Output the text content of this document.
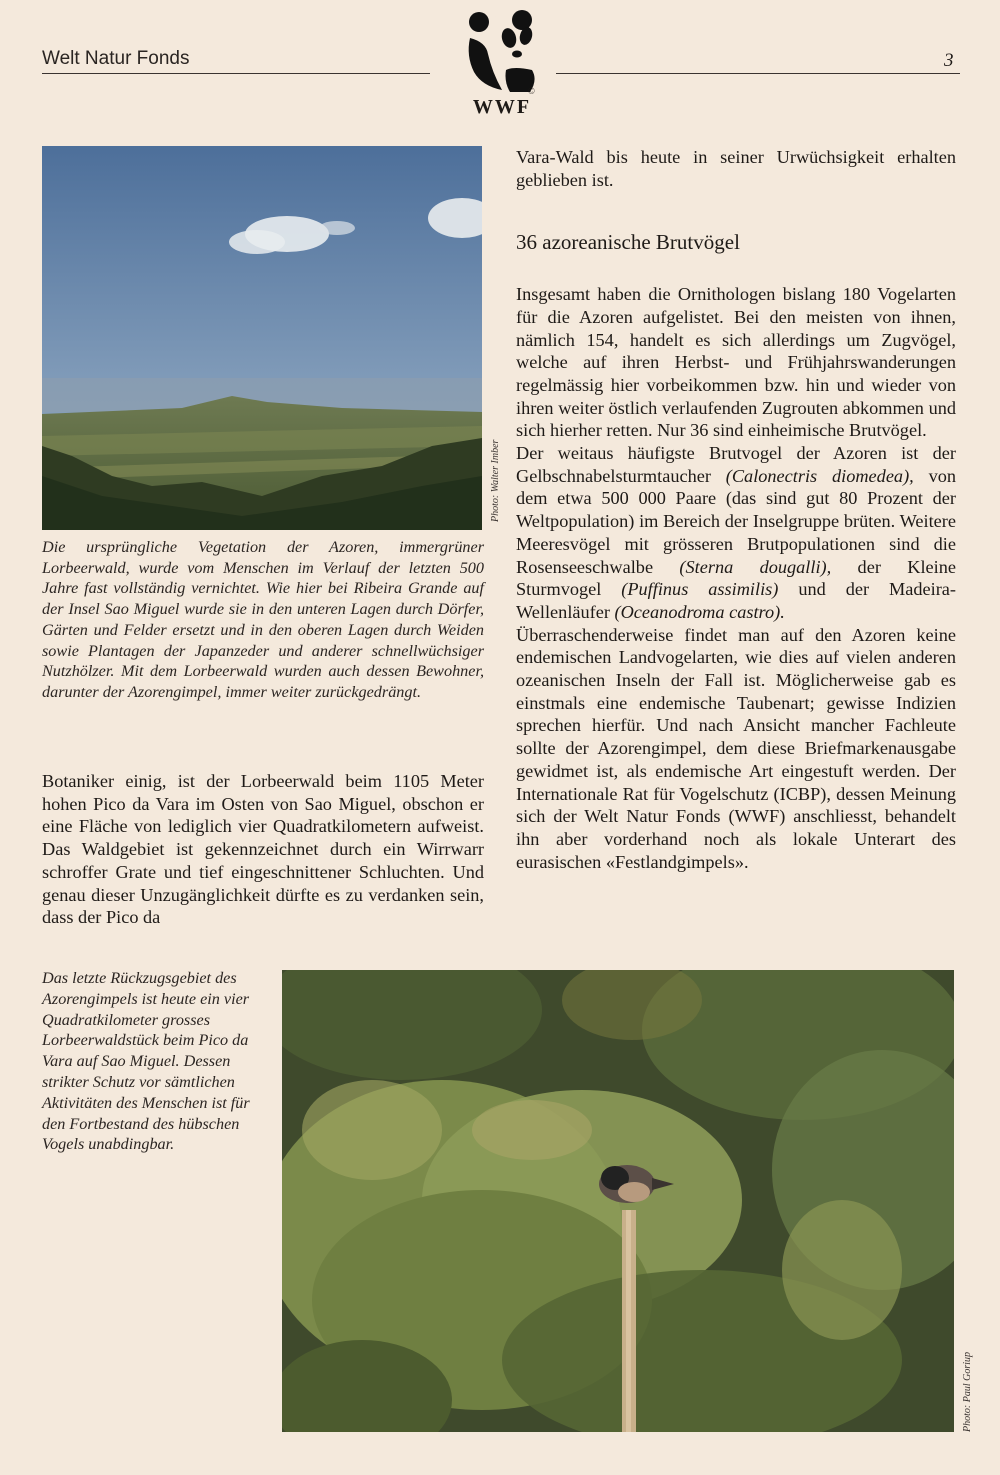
Welt Natur Fonds	3
WWF
©
Photo: Walter Imber
Die ursprüngliche Vegetation der Azoren, immergrüner Lorbeerwald, wurde vom Menschen im Verlauf der letzten 500 Jahre fast vollständig vernichtet. Wie hier bei Ribeira Grande auf der Insel Sao Miguel wurde sie in den unteren Lagen durch Dörfer, Gärten und Felder ersetzt und in den oberen Lagen durch Weiden sowie Plantagen der Japanzeder und anderer schnellwüchsiger Nutzhölzer. Mit dem Lorbeerwald wurden auch dessen Bewohner, darunter der Azorengimpel, immer weiter zurückgedrängt.
Botaniker einig, ist der Lorbeerwald beim 1105 Meter hohen Pico da Vara im Osten von Sao Miguel, obschon er eine Fläche von lediglich vier Quadratkilometern aufweist. Das Waldgebiet ist gekennzeichnet durch ein Wirrwarr schroffer Grate und tief eingeschnittener Schluchten. Und genau dieser Unzugänglichkeit dürfte es zu verdanken sein, dass der Pico da

Vara-Wald bis heute in seiner Urwüchsigkeit erhalten geblieben ist.

36 azoreanische Brutvögel

Insgesamt haben die Ornithologen bislang 180 Vogelarten für die Azoren aufgelistet. Bei den meisten von ihnen, nämlich 154, handelt es sich allerdings um Zugvögel, welche auf ihren Herbst- und Frühjahrswanderungen regelmässig hier vorbeikommen bzw. hin und wieder von ihren weiter östlich verlaufenden Zugrouten abkommen und sich hierher retten. Nur 36 sind einheimische Brutvögel.

Der weitaus häufigste Brutvogel der Azoren ist der Gelbschnabelsturmtaucher (Calonectris diomedea), von dem etwa 500 000 Paare (das sind gut 80 Prozent der Weltpopulation) im Bereich der Inselgruppe brüten. Weitere Meeresvögel mit grösseren Brutpopulationen sind die Rosenseeschwalbe (Sterna dougalli), der Kleine Sturmvogel (Puffinus assimilis) und der Madeira-Wellenläufer (Oceanodroma castro).

Überraschenderweise findet man auf den Azoren keine endemischen Landvogelarten, wie dies auf vielen anderen ozeanischen Inseln der Fall ist. Möglicherweise gab es einstmals eine endemische Taubenart; gewisse Indizien sprechen hierfür. Und nach Ansicht mancher Fachleute sollte der Azorengimpel, dem diese Briefmarkenausgabe gewidmet ist, als endemische Art eingestuft werden. Der Internationale Rat für Vogelschutz (ICBP), dessen Meinung sich der Welt Natur Fonds (WWF) anschliesst, behandelt ihn aber vorderhand noch als lokale Unterart des eurasischen «Festlandgimpels».

Das letzte Rückzugsgebiet des Azorengimpels ist heute ein vier Quadratkilometer grosses Lorbeerwaldstück beim Pico da Vara auf Sao Miguel. Dessen strikter Schutz vor sämtlichen Aktivitäten des Menschen ist für den Fortbestand des hübschen Vogels unabdingbar.
Photo: Paul Goriup
